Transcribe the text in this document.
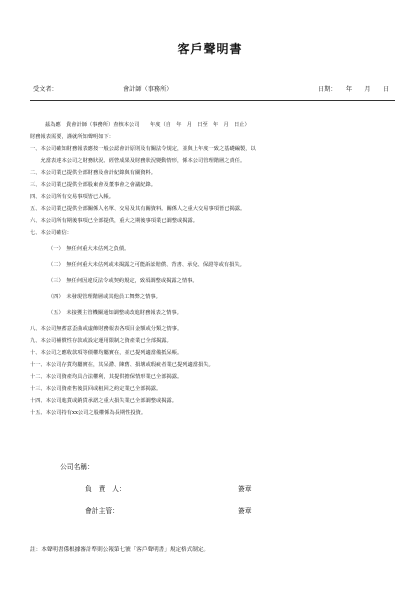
客戶聲明書
受文者：	會計師（事務所）	日期：　　年　　月　　日
茲為應　貴會計師（事務所）查核本公司　　年度（自　年　月　日至　年　月　日止）
財務報表需要，謹就所知聲明如下：
一、本公司確知財務報表應按一般公認會計原則及有關法令規定，並與上年度一致之基礎編製，以
　　允當表達本公司之財務狀況、經營成果及財務狀況變動情形，係本公司管理階層之責任。
二、本公司業已提供全部財務及會計紀錄與有關資料。
三、本公司業已提供全部股東會及董事會之會議紀錄。
四、本公司所有交易事項皆已入帳。
五、本公司業已提供全部關係人名單、交易及其有關資料。關係人之重大交易事項皆已揭露。
六、本公司所有期後事項已全部提供，重大之期後事項業已調整或揭露。
七、本公司確信：
（一）　無任何重大未估列之負債。
（二）　無任何重大未估列或未揭露之可能訴訟賠償、背書、承兌、保證等或有損失。
（三）　無任何因違反法令或契約規定，致須調整或揭露之情事。
（四）　未發現管理階層或其他員工舞弊之情事。
（五）　未接獲主管機關通知調整或改進財務報表之情事。
八、本公司無蓄意歪曲或虛飾財務報表各項目金額或分類之情事。
九、本公司補償性存款或設定運用限制之資產業已全部揭露。
十、本公司之應收款項等債權均屬實在，並已提列適當備抵呆帳。
十一、本公司存貨均屬實在，其呆滯、陳舊、損壞或瑕疵者業已提列適當損失。
十二、本公司資產均具合法權利，其提供擔保情形業已全部揭露。
十三、本公司資產售後買回或租回之約定業已全部揭露。
十四、本公司進貨或銷貨承諾之重大損失業已全部調整或揭露。
十五、本公司持有xx公司之股權係為長期性投資。
公司名稱：
負　責　人：	簽章
會計主管：	簽章
註：本聲明書係根據審計準則公報第七號「客戶聲明書」規定格式制定。
